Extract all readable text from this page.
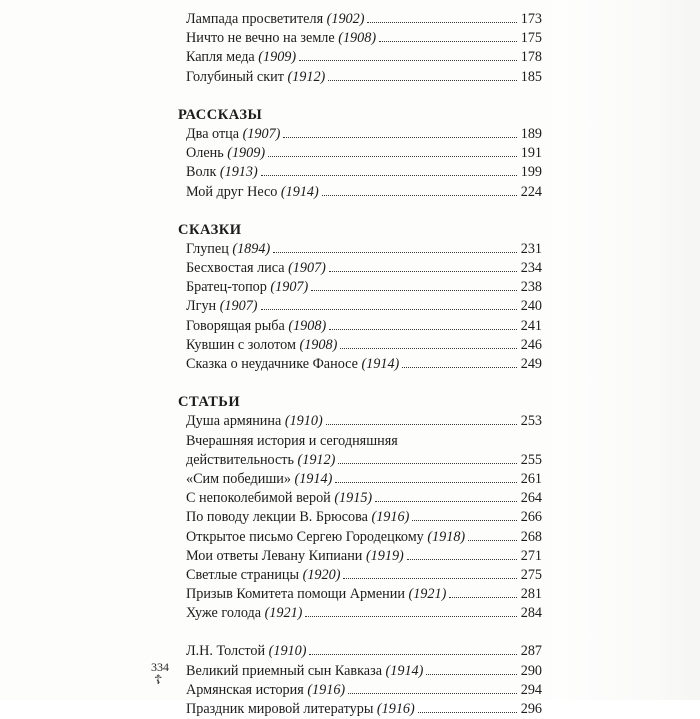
Лампада просветителя (1902)	173
Ничто не вечно на земле (1908)	175
Капля меда (1909)	178
Голубиный скит (1912)	185
РАССКАЗЫ
Два отца (1907)	189
Олень (1909)	191
Волк (1913)	199
Мой друг Несо (1914)	224
СКАЗКИ
Глупец (1894)	231
Бесхвостая лиса (1907)	234
Братец-топор (1907)	238
Лгун (1907)	240
Говорящая рыба (1908)	241
Кувшин с золотом (1908)	246
Сказка о неудачнике Фаносе (1914)	249
СТАТЬИ
Душа армянина (1910)	253
Вчерашняя история и сегодняшняя
действительность (1912)	255
«Сим победиши» (1914)	261
С непоколебимой верой (1915)	264
По поводу лекции В. Брюсова (1916)	266
Открытое письмо Сергею Городецкому (1918)	268
Мои ответы Левану Кипиани (1919)	271
Светлые страницы (1920)	275
Призыв Комитета помощи Армении (1921)	281
Хуже голода (1921)	284
Л.Н. Толстой (1910)	287
Великий приемный сын Кавказа (1914)	290
Армянская история (1916)	294
Праздник мировой литературы (1916)	296
334
☦
